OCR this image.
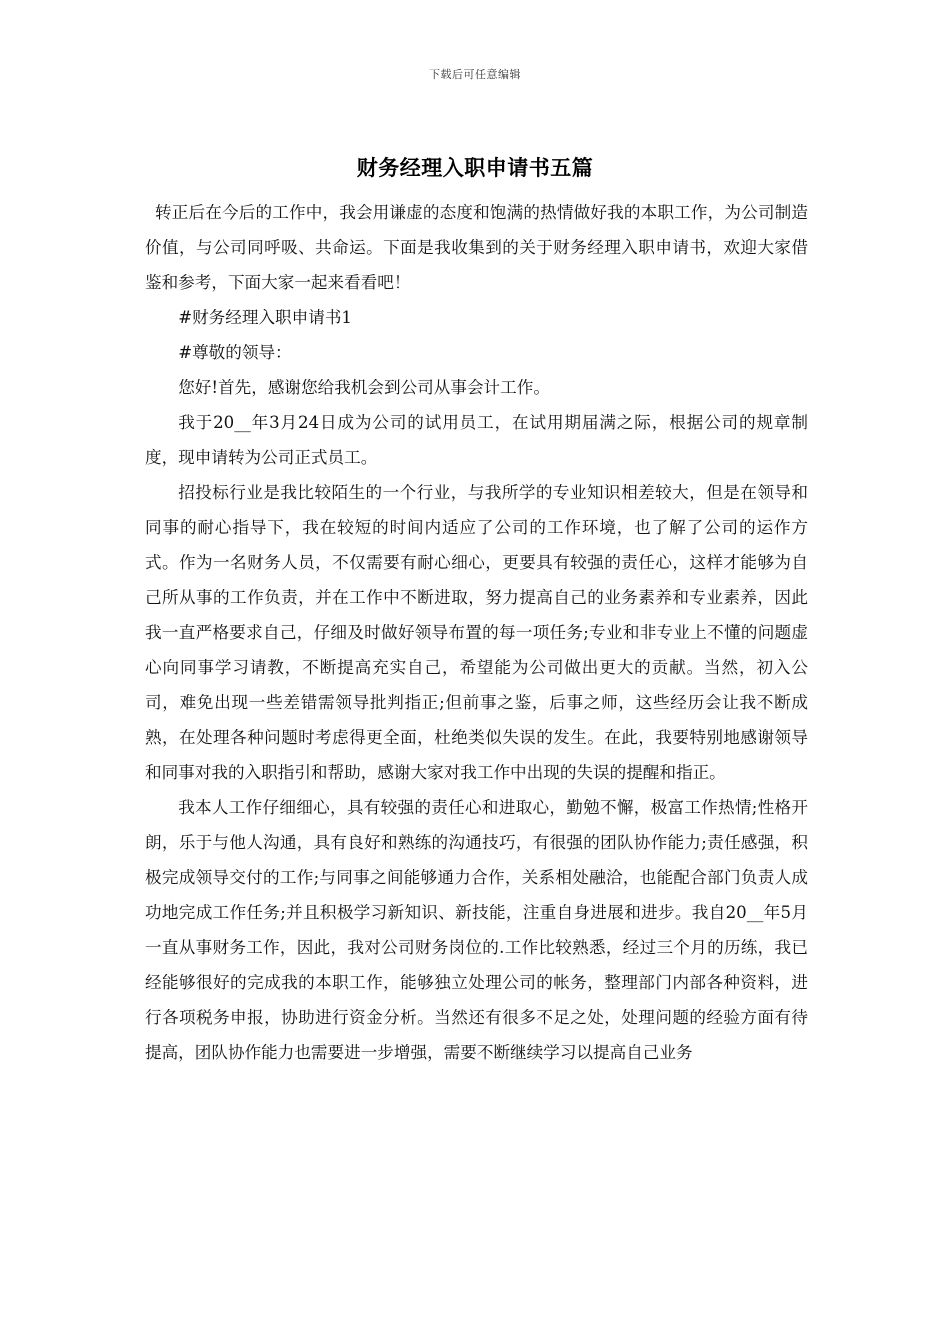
下载后可任意编辑
财务经理入职申请书五篇

转正后在今后的工作中，我会用谦虚的态度和饱满的热情做好我的本职工作，为公司制造价值，与公司同呼吸、共命运。下面是我收集到的关于财务经理入职申请书，欢迎大家借鉴和参考，下面大家一起来看看吧！

#财务经理入职申请书1

#尊敬的领导：

您好!首先，感谢您给我机会到公司从事会计工作。

我于20__年3月24日成为公司的试用员工，在试用期届满之际，根据公司的规章制度，现申请转为公司正式员工。

招投标行业是我比较陌生的一个行业，与我所学的专业知识相差较大，但是在领导和同事的耐心指导下，我在较短的时间内适应了公司的工作环境，也了解了公司的运作方式。作为一名财务人员，不仅需要有耐心细心，更要具有较强的责任心，这样才能够为自己所从事的工作负责，并在工作中不断进取，努力提高自己的业务素养和专业素养，因此我一直严格要求自己，仔细及时做好领导布置的每一项任务;专业和非专业上不懂的问题虚心向同事学习请教，不断提高充实自己，希望能为公司做出更大的贡献。当然，初入公司，难免出现一些差错需领导批判指正;但前事之鉴，后事之师，这些经历会让我不断成熟，在处理各种问题时考虑得更全面，杜绝类似失误的发生。在此，我要特别地感谢领导和同事对我的入职指引和帮助，感谢大家对我工作中出现的失误的提醒和指正。

我本人工作仔细细心，具有较强的责任心和进取心，勤勉不懈，极富工作热情;性格开朗，乐于与他人沟通，具有良好和熟练的沟通技巧，有很强的团队协作能力;责任感强，积极完成领导交付的工作;与同事之间能够通力合作，关系相处融洽，也能配合部门负责人成功地完成工作任务;并且积极学习新知识、新技能，注重自身进展和进步。我自20__年5月一直从事财务工作，因此，我对公司财务岗位的.工作比较熟悉，经过三个月的历练，我已经能够很好的完成我的本职工作，能够独立处理公司的帐务，整理部门内部各种资料，进行各项税务申报，协助进行资金分析。当然还有很多不足之处，处理问题的经验方面有待提高，团队协作能力也需要进一步增强，需要不断继续学习以提高自己业务
